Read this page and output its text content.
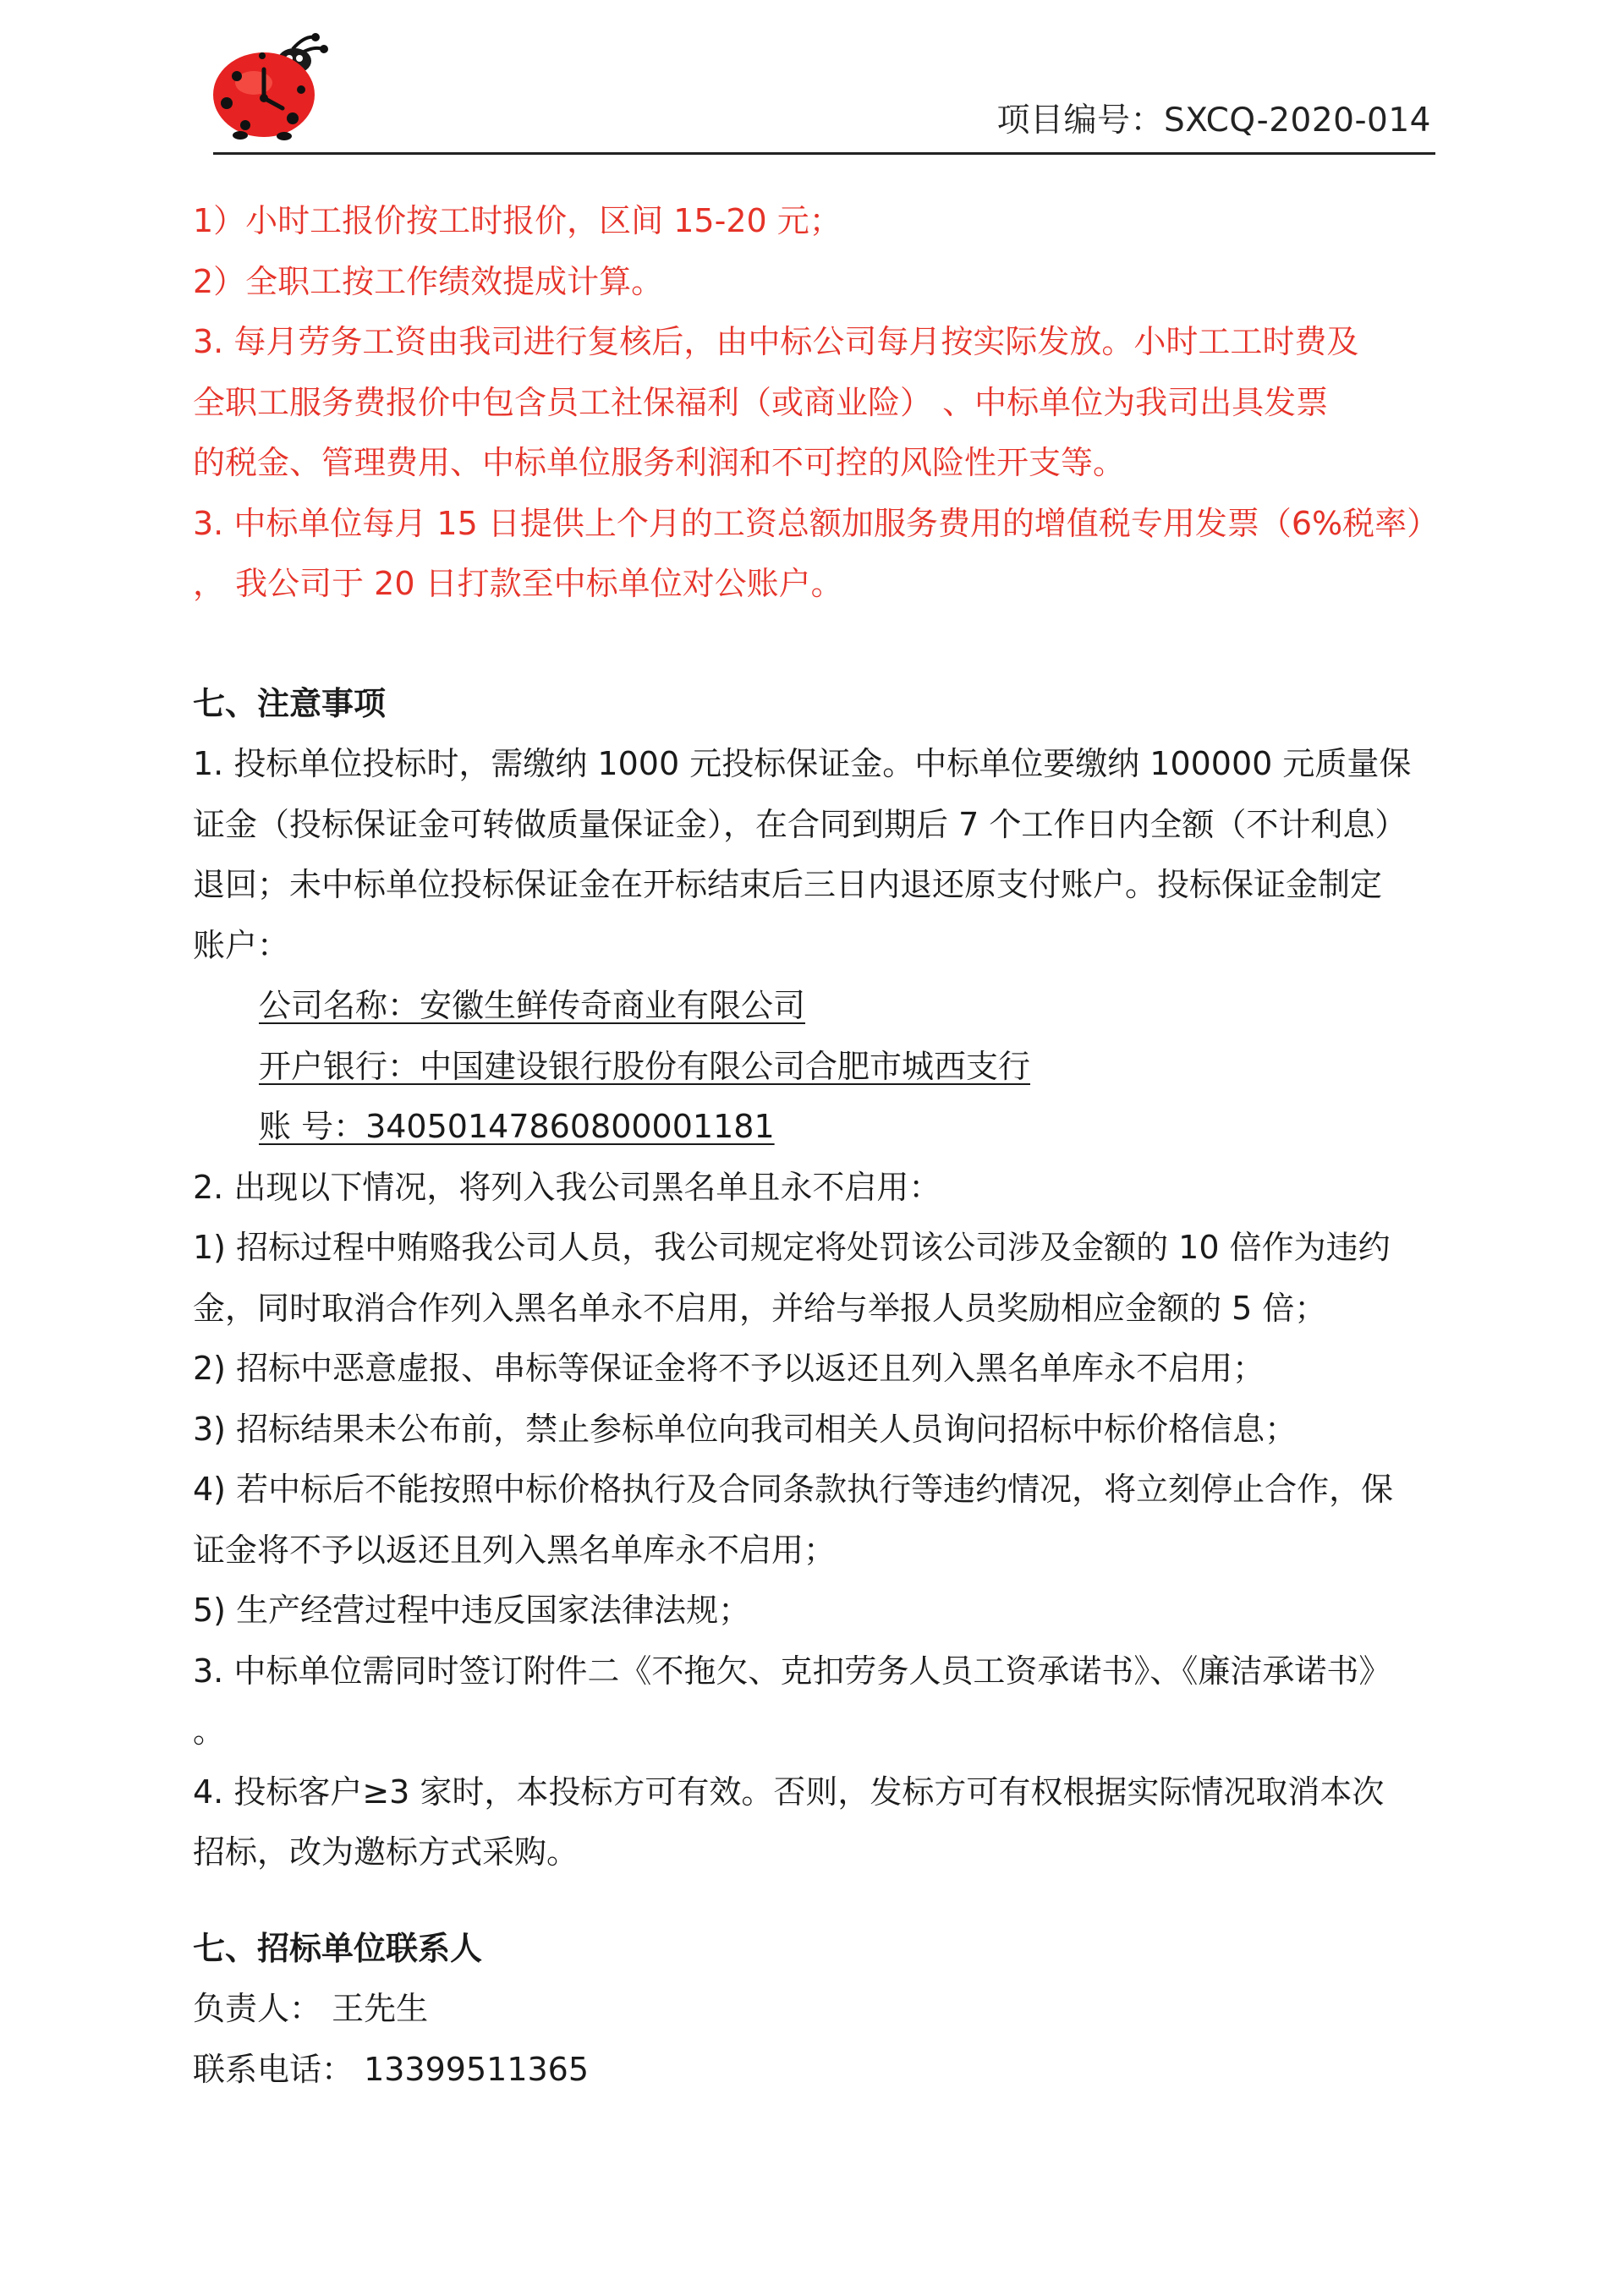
项目编号：SXCQ-2020-014
1）小时工报价按工时报价，区间 15-20 元；
2）全职工按工作绩效提成计算。
3. 每月劳务工资由我司进行复核后，由中标公司每月按实际发放。小时工工时费及
全职工服务费报价中包含员工社保福利（或商业险） 、中标单位为我司出具发票
的税金、管理费用、中标单位服务利润和不可控的风险性开支等。
3. 中标单位每月 15 日提供上个月的工资总额加服务费用的增值税专用发票（6%税率）
， 我公司于 20 日打款至中标单位对公账户。
七、注意事项
1. 投标单位投标时，需缴纳 1000 元投标保证金。中标单位要缴纳 100000 元质量保
证金（投标保证金可转做质量保证金），在合同到期后 7 个工作日内全额（不计利息）
退回；未中标单位投标保证金在开标结束后三日内退还原支付账户。投标保证金制定
账户：
公司名称：安徽生鲜传奇商业有限公司
开户银行：中国建设银行股份有限公司合肥市城西支行
账 号：34050147860800001181
2. 出现以下情况，将列入我公司黑名单且永不启用：
1) 招标过程中贿赂我公司人员，我公司规定将处罚该公司涉及金额的 10 倍作为违约
金，同时取消合作列入黑名单永不启用，并给与举报人员奖励相应金额的 5 倍；
2) 招标中恶意虚报、串标等保证金将不予以返还且列入黑名单库永不启用；
3) 招标结果未公布前，禁止参标单位向我司相关人员询问招标中标价格信息；
4) 若中标后不能按照中标价格执行及合同条款执行等违约情况，将立刻停止合作，保
证金将不予以返还且列入黑名单库永不启用；
5) 生产经营过程中违反国家法律法规；
3. 中标单位需同时签订附件二《不拖欠、克扣劳务人员工资承诺书》、《廉洁承诺书》
。
4. 投标客户≥3 家时，本投标方可有效。否则，发标方可有权根据实际情况取消本次
招标，改为邀标方式采购。
七、招标单位联系人
负责人： 王先生
联系电话： 13399511365
